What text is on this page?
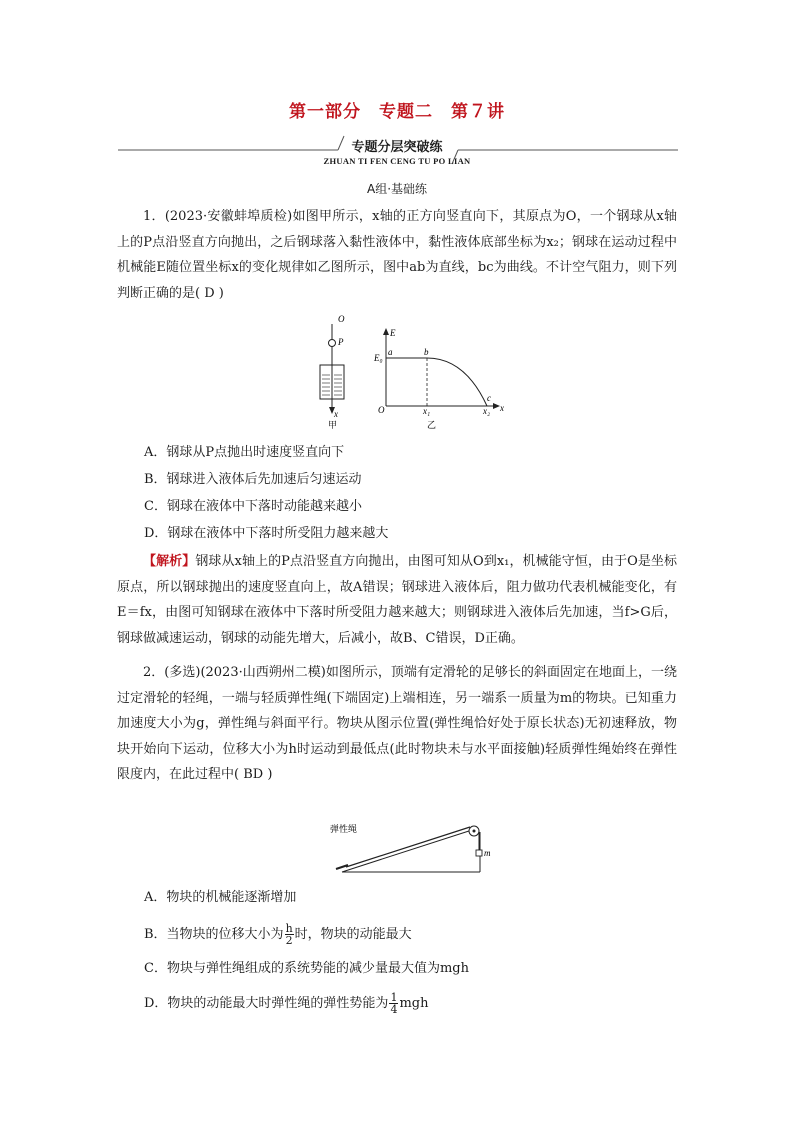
第一部分　专题二　第７讲
专题分层突破练
ZHUAN TI FEN CENG TU PO LIAN
A组·基础练
1．(2023·安徽蚌埠质检)如图甲所示，x轴的正方向竖直向下，其原点为O，一个钢球从x轴上的P点沿竖直方向抛出，之后钢球落入黏性液体中，黏性液体底部坐标为x₂；钢球在运动过程中机械能E随位置坐标x的变化规律如乙图所示，图中ab为直线，bc为曲线。不计空气阻力，则下列判断正确的是( D )
O
P
x
甲
E
E₀
a	b
c
O	x₁	x₂ x
乙
A．钢球从P点抛出时速度竖直向下
B．钢球进入液体后先加速后匀速运动
C．钢球在液体中下落时动能越来越小
D．钢球在液体中下落时所受阻力越来越大
【解析】钢球从x轴上的P点沿竖直方向抛出，由图可知从O到x₁，机械能守恒，由于O是坐标原点，所以钢球抛出的速度竖直向上，故A错误；钢球进入液体后，阻力做功代表机械能变化，有E＝fx，由图可知钢球在液体中下落时所受阻力越来越大；则钢球进入液体后先加速，当f>G后，钢球做减速运动，钢球的动能先增大，后减小，故B、C错误，D正确。
2．(多选)(2023·山西朔州二模)如图所示，顶端有定滑轮的足够长的斜面固定在地面上，一绕过定滑轮的轻绳，一端与轻质弹性绳(下端固定)上端相连，另一端系一质量为m的物块。已知重力加速度大小为g，弹性绳与斜面平行。物块从图示位置(弹性绳恰好处于原长状态)无初速释放，物块开始向下运动，位移大小为h时运动到最低点(此时物块未与水平面接触)轻质弹性绳始终在弹性限度内，在此过程中( BD )
m
弹性绳
A．物块的机械能逐渐增加
B．当物块的位移大小为 $\frac{h}{2}$ 时，物块的动能最大
C．物块与弹性绳组成的系统势能的减少量最大值为mgh
D．物块的动能最大时弹性绳的弹性势能为 $\frac{1}{4}$ mgh
